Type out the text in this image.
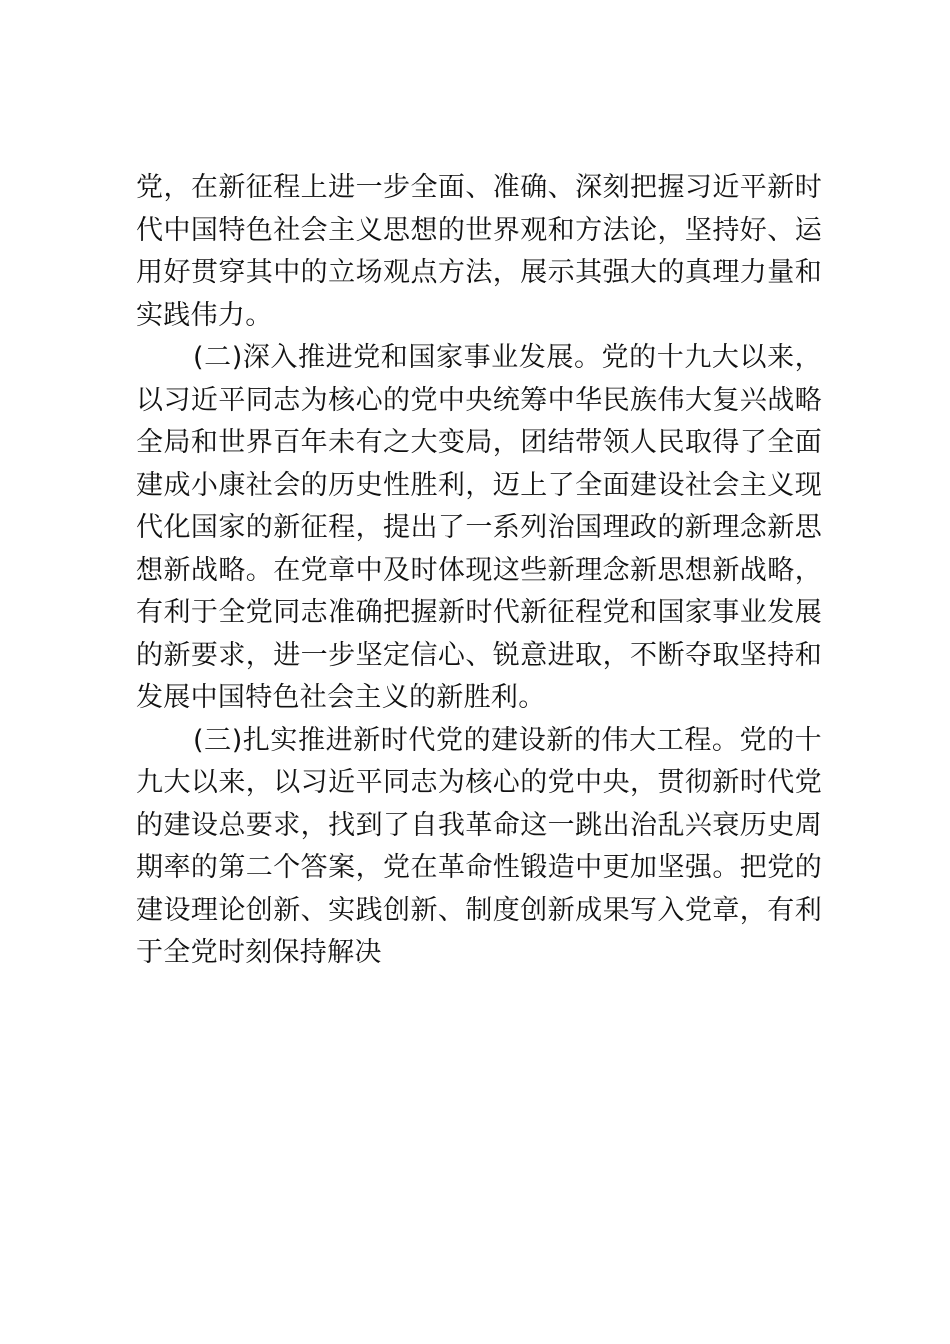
党，在新征程上进一步全面、准确、深刻把握习近平新时代中国特色社会主义思想的世界观和方法论，坚持好、运用好贯穿其中的立场观点方法，展示其强大的真理力量和实践伟力。

(二)深入推进党和国家事业发展。党的十九大以来，以习近平同志为核心的党中央统筹中华民族伟大复兴战略全局和世界百年未有之大变局，团结带领人民取得了全面建成小康社会的历史性胜利，迈上了全面建设社会主义现代化国家的新征程，提出了一系列治国理政的新理念新思想新战略。在党章中及时体现这些新理念新思想新战略，有利于全党同志准确把握新时代新征程党和国家事业发展的新要求，进一步坚定信心、锐意进取，不断夺取坚持和发展中国特色社会主义的新胜利。

(三)扎实推进新时代党的建设新的伟大工程。党的十九大以来，以习近平同志为核心的党中央，贯彻新时代党的建设总要求，找到了自我革命这一跳出治乱兴衰历史周期率的第二个答案，党在革命性锻造中更加坚强。把党的建设理论创新、实践创新、制度创新成果写入党章，有利于全党时刻保持解决
